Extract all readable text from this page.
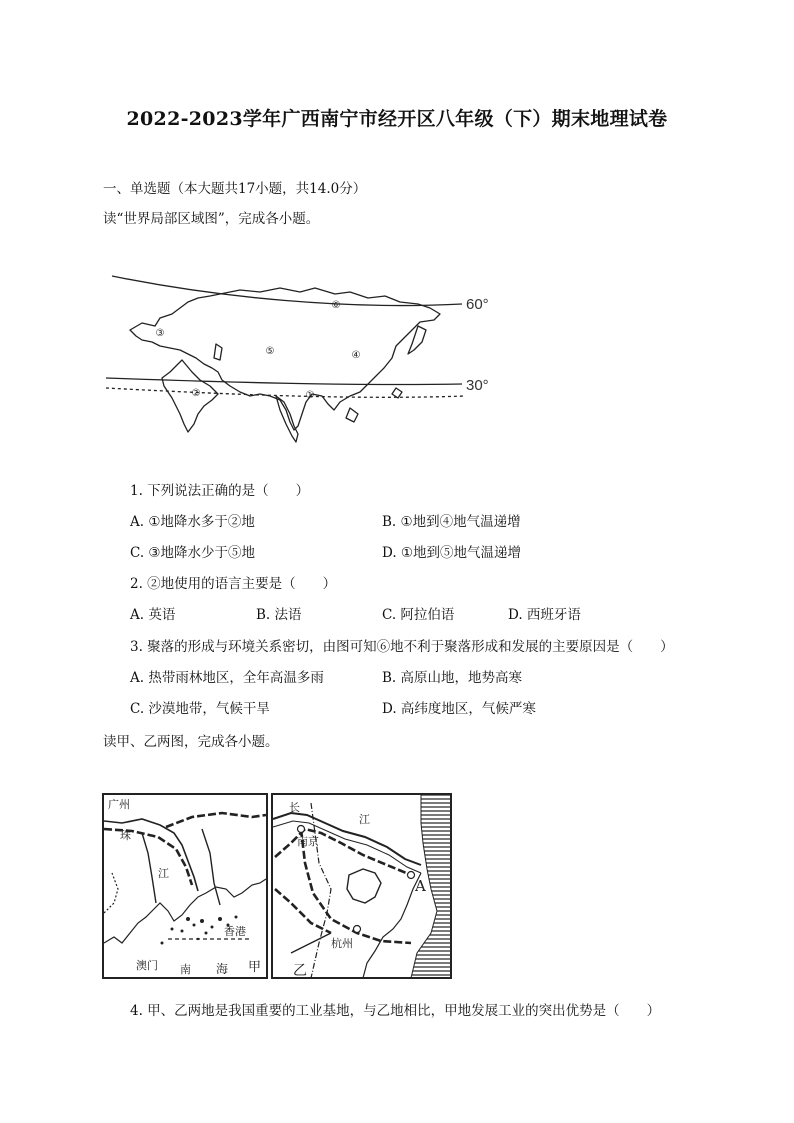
2022-2023学年广西南宁市经开区八年级（下）期末地理试卷
一、单选题（本大题共17小题，共14.0分）
读“世界局部区域图”，完成各小题。
⑥
③
⑤	④
②	①
60°
30°
1. 下列说法正确的是（　　）
A. ①地降水多于②地	B. ①地到④地气温递增
C. ③地降水少于⑤地	D. ①地到⑤地气温递增
2. ②地使用的语言主要是（　　）
A. 英语	B. 法语	C. 阿拉伯语	D. 西班牙语
3. 聚落的形成与环境关系密切，由图可知⑥地不利于聚落形成和发展的主要原因是（　　）
A. 热带雨林地区，全年高温多雨	B. 高原山地，地势高寒
C. 沙漠地带，气候干旱	D. 高纬度地区，气候严寒
读甲、乙两图，完成各小题。
广州
珠
江
香港
澳门 南 海 甲
长
江
南京
杭州
A
乙
4. 甲、乙两地是我国重要的工业基地，与乙地相比，甲地发展工业的突出优势是（　　）
